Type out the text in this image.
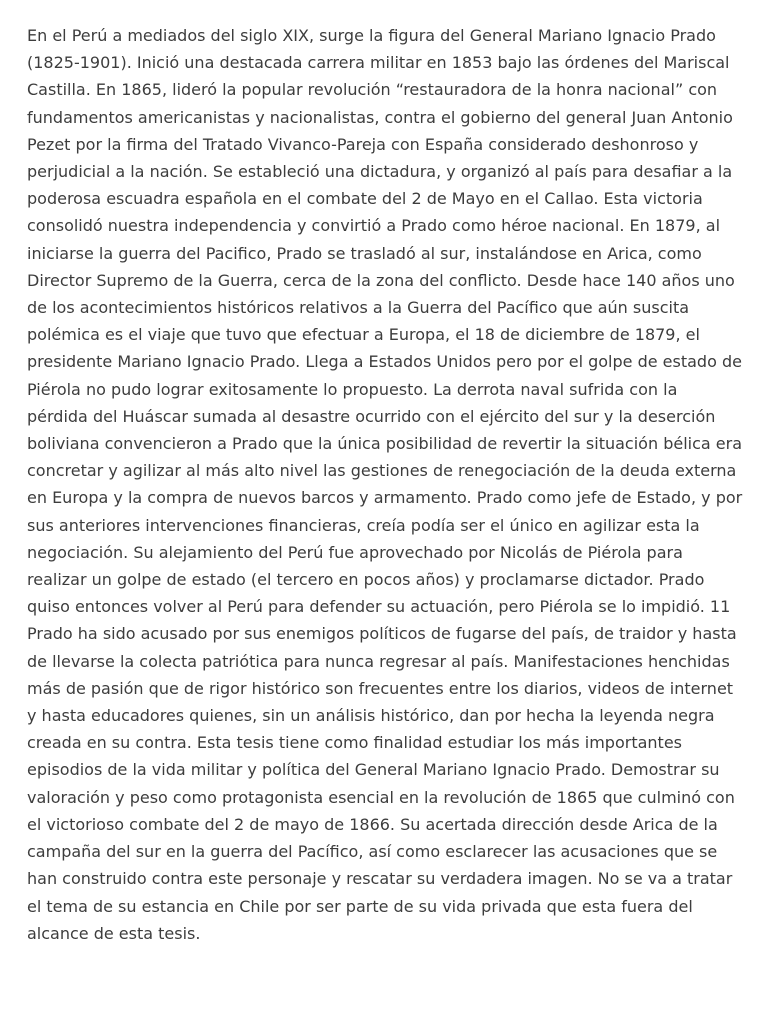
En el Perú a mediados del siglo XIX, surge la figura del General Mariano Ignacio Prado (1825-1901). Inició una destacada carrera militar en 1853 bajo las órdenes del Mariscal Castilla. En 1865, lideró la popular revolución “restauradora de la honra nacional” con fundamentos americanistas y nacionalistas, contra el gobierno del general Juan Antonio Pezet por la firma del Tratado Vivanco-Pareja con España considerado deshonroso y perjudicial a la nación. Se estableció una dictadura, y organizó al país para desafiar a la poderosa escuadra española en el combate del 2 de Mayo en el Callao. Esta victoria consolidó nuestra independencia y convirtió a Prado como héroe nacional. En 1879, al iniciarse la guerra del Pacifico, Prado se trasladó al sur, instalándose en Arica, como Director Supremo de la Guerra, cerca de la zona del conflicto. Desde hace 140 años uno de los acontecimientos históricos relativos a la Guerra del Pacífico que aún suscita polémica es el viaje que tuvo que efectuar a Europa, el 18 de diciembre de 1879, el presidente Mariano Ignacio Prado. Llega a Estados Unidos pero por el golpe de estado de Piérola no pudo lograr exitosamente lo propuesto. La derrota naval sufrida con la pérdida del Huáscar sumada al desastre ocurrido con el ejército del sur y la deserción boliviana convencieron a Prado que la única posibilidad de revertir la situación bélica era concretar y agilizar al más alto nivel las gestiones de renegociación de la deuda externa en Europa y la compra de nuevos barcos y armamento. Prado como jefe de Estado, y por sus anteriores intervenciones financieras, creía podía ser el único en agilizar esta la negociación. Su alejamiento del Perú fue aprovechado por Nicolás de Piérola para realizar un golpe de estado (el tercero en pocos años) y proclamarse dictador. Prado quiso entonces volver al Perú para defender su actuación, pero Piérola se lo impidió. 11 Prado ha sido acusado por sus enemigos políticos de fugarse del país, de traidor y hasta de llevarse la colecta patriótica para nunca regresar al país. Manifestaciones henchidas más de pasión que de rigor histórico son frecuentes entre los diarios, videos de internet y hasta educadores quienes, sin un análisis histórico, dan por hecha la leyenda negra creada en su contra. Esta tesis tiene como finalidad estudiar los más importantes episodios de la vida militar y política del General Mariano Ignacio Prado. Demostrar su valoración y peso como protagonista esencial en la revolución de 1865 que culminó con el victorioso combate del 2 de mayo de 1866. Su acertada dirección desde Arica de la campaña del sur en la guerra del Pacífico, así como esclarecer las acusaciones que se han construido contra este personaje y rescatar su verdadera imagen. No se va a tratar el tema de su estancia en Chile por ser parte de su vida privada que esta fuera del alcance de esta tesis.
